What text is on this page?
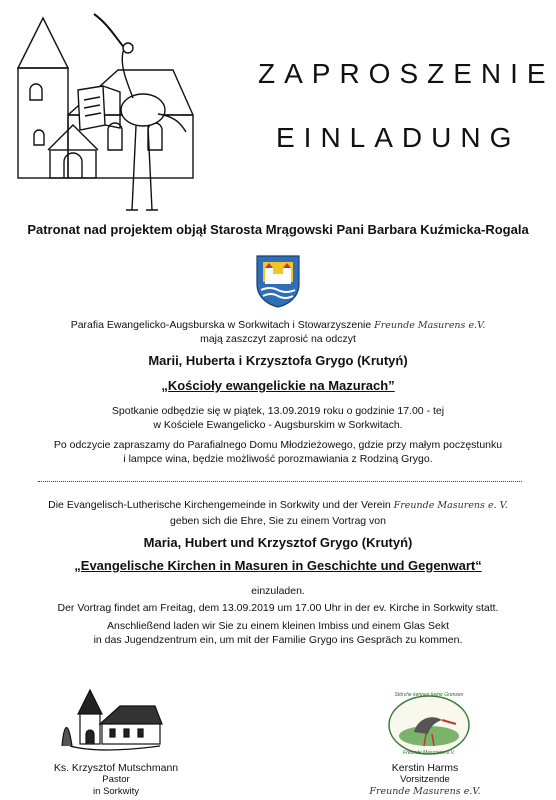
ZAPROSZENIE
EINLADUNG
Patronat nad projektem objął Starosta Mrągowski Pani Barbara Kuźmicka-Rogala
Parafia Ewangelicko-Augsburska w Sorkwitach i Stowarzyszenie Freunde Masurens e.V.
mają zaszczyt zaprosić na odczyt
Marii, Huberta i Krzysztofa Grygo (Krutyń)
„Kościoły ewangelickie na Mazurach”
Spotkanie odbędzie się w piątek, 13.09.2019 roku o godzinie 17.00 - tej
w Kościele Ewangelicko - Augsburskim w Sorkwitach.
Po odczycie zapraszamy do Parafialnego Domu Młodzieżowego, gdzie przy małym poczęstunku
i lampce wina, będzie możliwość porozmawiania z Rodziną Grygo.
Die Evangelisch-Lutherische Kirchengemeinde in Sorkwity und der Verein Freunde Masurens e. V.
geben sich die Ehre, Sie zu einem Vortrag von
Maria, Hubert und Krzysztof Grygo (Krutyń)
„Evangelische Kirchen in Masuren in Geschichte und Gegenwart“
einzuladen.
Der Vortrag findet am Freitag, dem 13.09.2019 um 17.00 Uhr in der ev. Kirche in Sorkwity statt.
Anschließend laden wir Sie zu einem kleinen Imbiss und einem Glas Sekt
in das Jugendzentrum ein, um mit der Familie Grygo ins Gespräch zu kommen.
Störche kennen keine Grenzen
Freunde Masurens e.V.
Ks. Krzysztof Mutschmann
Pastor
in Sorkwity
Kerstin Harms
Vorsitzende
Freunde Masurens e.V.
